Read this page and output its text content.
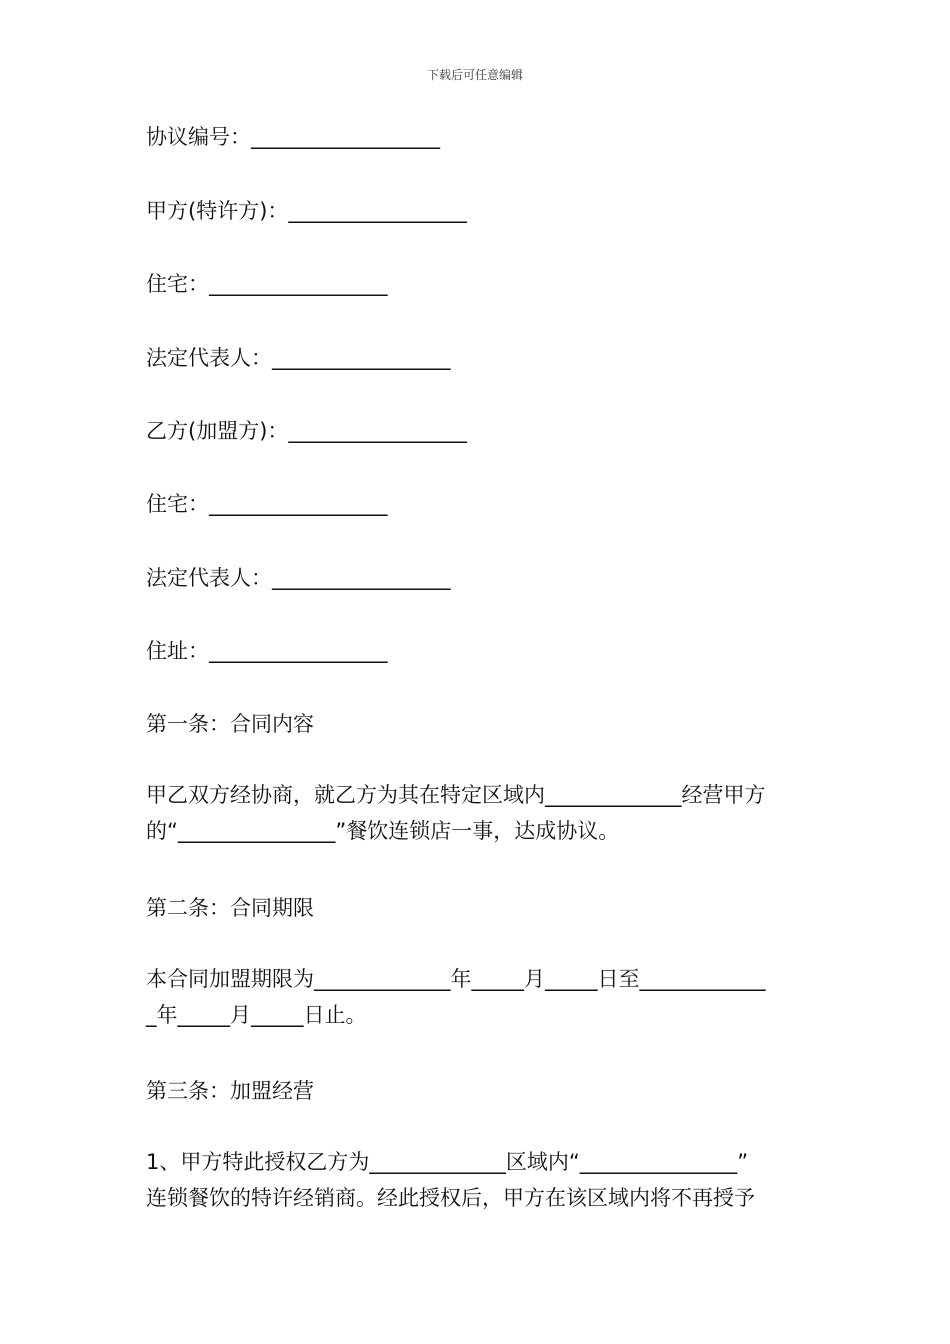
下载后可任意编辑
协议编号：__________________
甲方(特许方)：_________________
住宅：_________________
法定代表人：_________________
乙方(加盟方)：_________________
住宅：_________________
法定代表人：_________________
住址：_________________
第一条：合同内容

甲乙双方经协商，就乙方为其在特定区域内_____________经营甲方

的“_______________”餐饮连锁店一事，达成协议。

第二条：合同期限

本合同加盟期限为_____________年_____月_____日至____________

_年_____月_____日止。

第三条：加盟经营

1、甲方特此授权乙方为_____________区域内“_______________”

连锁餐饮的特许经销商。经此授权后，甲方在该区域内将不再授予
